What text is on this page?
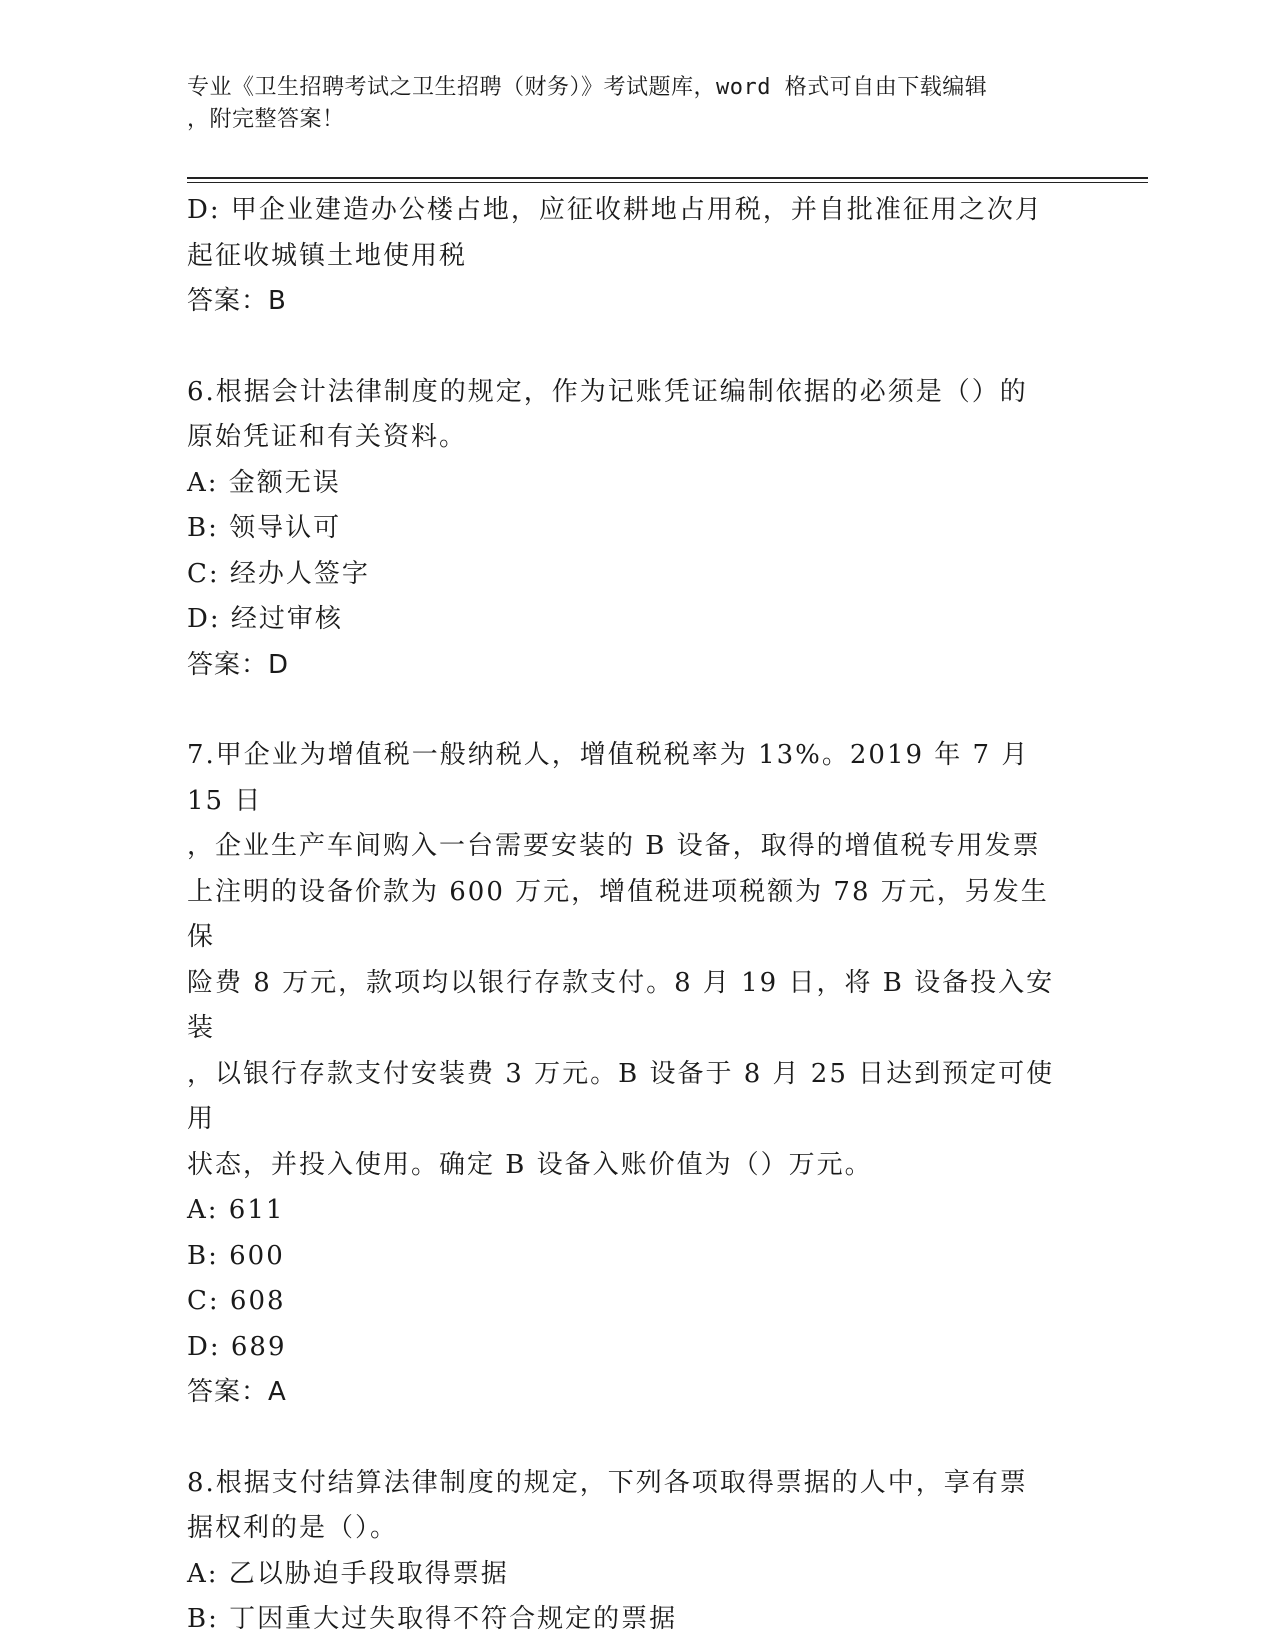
专业《卫生招聘考试之卫生招聘（财务）》考试题库，word 格式可自由下载编辑
，附完整答案！

D: 甲企业建造办公楼占地，应征收耕地占用税，并自批准征用之次月

起征收城镇土地使用税

答案：B

6.根据会计法律制度的规定，作为记账凭证编制依据的必须是（）的

原始凭证和有关资料。

A: 金额无误

B: 领导认可

C: 经办人签字

D: 经过审核

答案：D

7.甲企业为增值税一般纳税人，增值税税率为 13%。2019 年 7 月 15 日

，企业生产车间购入一台需要安装的 B 设备，取得的增值税专用发票

上注明的设备价款为 600 万元，增值税进项税额为 78 万元，另发生保

险费 8 万元，款项均以银行存款支付。8 月 19 日，将 B 设备投入安装

，以银行存款支付安装费 3 万元。B 设备于 8 月 25 日达到预定可使用

状态，并投入使用。确定 B 设备入账价值为（）万元。

A: 611

B: 600

C: 608

D: 689

答案：A

8.根据支付结算法律制度的规定，下列各项取得票据的人中，享有票

据权利的是（）。

A: 乙以胁迫手段取得票据

B: 丁因重大过失取得不符合规定的票据
